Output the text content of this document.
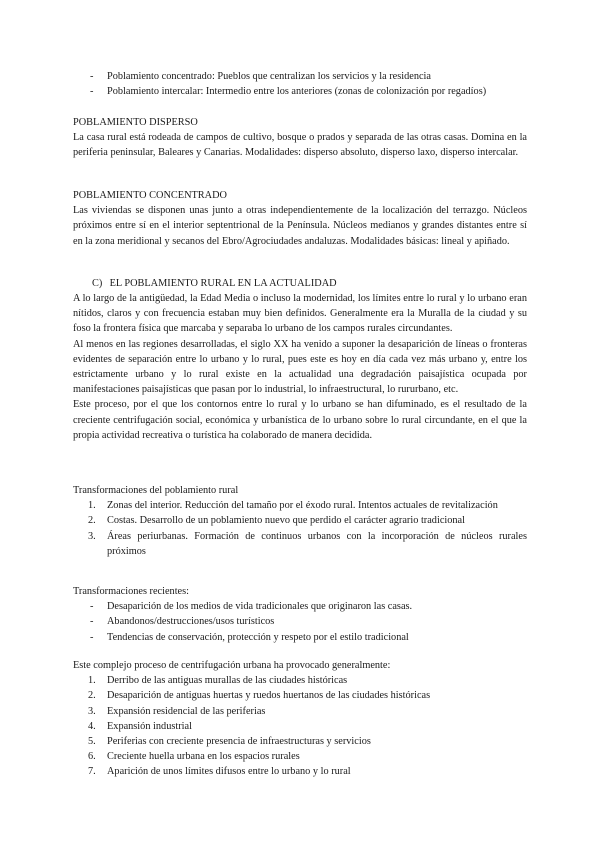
- Poblamiento concentrado: Pueblos que centralizan los servicios y la residencia
- Poblamiento intercalar: Intermedio entre los anteriores (zonas de colonización por regadíos)
POBLAMIENTO DISPERSO

La casa rural está rodeada de campos de cultivo, bosque o prados y separada de las otras casas. Domina en la periferia peninsular, Baleares y Canarias. Modalidades: disperso absoluto, disperso laxo, disperso intercalar.

POBLAMIENTO CONCENTRADO

Las viviendas se disponen unas junto a otras independientemente de la localización del terrazgo. Núcleos próximos entre sí en el interior septentrional de la Península. Núcleos medianos y grandes distantes entre sí en la zona meridional y secanos del Ebro/Agrociudades andaluzas. Modalidades básicas: lineal y apiñado.

C) EL POBLAMIENTO RURAL EN LA ACTUALIDAD

A lo largo de la antigüedad, la Edad Media o incluso la modernidad, los límites entre lo rural y lo urbano eran nítidos, claros y con frecuencia estaban muy bien definidos. Generalmente era la Muralla de la ciudad y su foso la frontera física que marcaba y separaba lo urbano de los campos rurales circundantes.

Al menos en las regiones desarrolladas, el siglo XX ha venido a suponer la desaparición de líneas o fronteras evidentes de separación entre lo urbano y lo rural, pues este es hoy en día cada vez más urbano y, entre los estrictamente urbano y lo rural existe en la actualidad una degradación paisajística ocupada por manifestaciones paisajísticas que pasan por lo industrial, lo infraestructural, lo rururbano, etc.

Este proceso, por el que los contornos entre lo rural y lo urbano se han difuminado, es el resultado de la creciente centrifugación social, económica y urbanística de lo urbano sobre lo rural circundante, en el que la propia actividad recreativa o turística ha colaborado de manera decidida.

Transformaciones del poblamiento rural
1.	Zonas del interior. Reducción del tamaño por el éxodo rural. Intentos actuales de revitalización

2.	Costas. Desarrollo de un poblamiento nuevo que perdido el carácter agrario tradicional

3.	Áreas periurbanas. Formación de continuos urbanos con la incorporación de núcleos rurales próximos

Transformaciones recientes:
- Desaparición de los medios de vida tradicionales que originaron las casas.
- Abandonos/destrucciones/usos turísticos
- Tendencias de conservación, protección y respeto por el estilo tradicional
Este complejo proceso de centrifugación urbana ha provocado generalmente:
1. Derribo de las antiguas murallas de las ciudades históricas
2. Desaparición de antiguas huertas y ruedos huertanos de las ciudades históricas
3. Expansión residencial de las periferias
4. Expansión industrial
5. Periferias con creciente presencia de infraestructuras y servicios
6. Creciente huella urbana en los espacios rurales
7. Aparición de unos límites difusos entre lo urbano y lo rural
